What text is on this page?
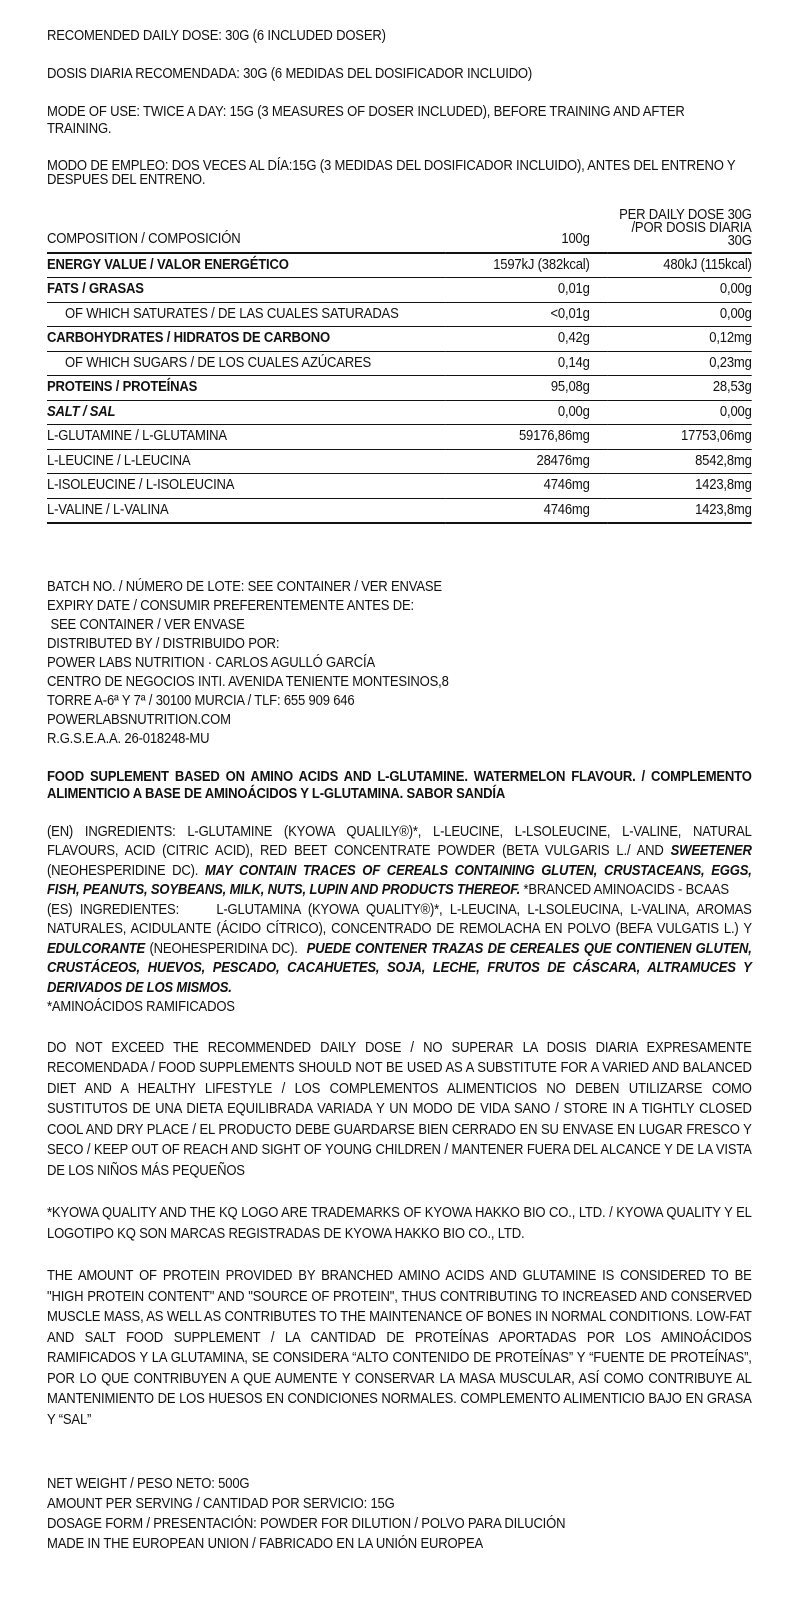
RECOMENDED DAILY DOSE: 30G (6 INCLUDED DOSER)

DOSIS DIARIA RECOMENDADA: 30G (6 MEDIDAS DEL DOSIFICADOR INCLUIDO)

MODE OF USE: TWICE A DAY: 15G (3 MEASURES OF DOSER INCLUDED), BEFORE TRAINING AND AFTER TRAINING.

MODO DE EMPLEO: DOS VECES AL DÍA:15G (3 MEDIDAS DEL DOSIFICADOR INCLUIDO), ANTES DEL ENTRENO Y DESPUES DEL ENTRENO.

COMPOSITION / COMPOSICIÓN	100g	PER DAILY DOSE 30G
/POR DOSIS DIARIA 30G

ENERGY VALUE / VALOR ENERGÉTICO	1597kJ (382kcal)	480kJ (115kcal)
FATS / GRASAS	0,01g	0,00g
OF WHICH SATURATES / DE LAS CUALES SATURADAS	<0,01g	0,00g
CARBOHYDRATES / HIDRATOS DE CARBONO	0,42g	0,12mg
OF WHICH SUGARS / DE LOS CUALES AZÚCARES	0,14g	0,23mg
PROTEINS / PROTEÍNAS	95,08g	28,53g
SALT / SAL	0,00g	0,00g
L-GLUTAMINE / L-GLUTAMINA	59176,86mg	17753,06mg
L-LEUCINE / L-LEUCINA	28476mg	8542,8mg
L-ISOLEUCINE / L-ISOLEUCINA	4746mg	1423,8mg
L-VALINE / L-VALINA	4746mg	1423,8mg
BATCH NO. / NÚMERO DE LOTE: SEE CONTAINER / VER ENVASE
EXPIRY DATE / CONSUMIR PREFERENTEMENTE ANTES DE:
SEE CONTAINER / VER ENVASE
DISTRIBUTED BY / DISTRIBUIDO POR:
POWER LABS NUTRITION · CARLOS AGULLÓ GARCÍA
CENTRO DE NEGOCIOS INTI. AVENIDA TENIENTE MONTESINOS,8
TORRE A-6ª Y 7ª / 30100 MURCIA / TLF: 655 909 646
POWERLABSNUTRITION.COM
R.G.S.E.A.A. 26-018248-MU

FOOD SUPLEMENT BASED ON AMINO ACIDS AND L-GLUTAMINE. WATERMELON FLAVOUR. / COMPLEMENTO ALIMENTICIO A BASE DE AMINOÁCIDOS Y L-GLUTAMINA. SABOR SANDÍA

(EN) INGREDIENTS: L-GLUTAMINE (KYOWA QUALILY®)*, L-LEUCINE, L-LSOLEUCINE, L-VALINE, NATURAL FLAVOURS, ACID (CITRIC ACID), RED BEET CONCENTRATE POWDER (BETA VULGARIS L./ AND SWEETENER (NEOHESPERIDINE DC). MAY CONTAIN TRACES OF CEREALS CONTAINING GLUTEN, CRUSTACEANS, EGGS, FISH, PEANUTS, SOYBEANS, MILK, NUTS, LUPIN AND PRODUCTS THEREOF. *BRANCED AMINOACIDS - BCAAS
(ES) INGREDIENTES:     L-GLUTAMINA (KYOWA QUALITY®)*, L-LEUCINA, L-LSOLEUCINA, L-VALINA, AROMAS NATURALES, ACIDULANTE (ÁCIDO CÍTRICO), CONCENTRADO DE REMOLACHA EN POLVO (BEFA VULGATIS L.) Y EDULCORANTE (NEOHESPERIDINA DC).  PUEDE CONTENER TRAZAS DE CEREALES QUE CONTIENEN GLUTEN, CRUSTÁCEOS, HUEVOS, PESCADO, CACAHUETES, SOJA, LECHE, FRUTOS DE CÁSCARA, ALTRAMUCES Y DERIVADOS DE LOS MISMOS.
*AMINOÁCIDOS RAMIFICADOS

DO NOT EXCEED THE RECOMMENDED DAILY DOSE / NO SUPERAR LA DOSIS DIARIA EXPRESAMENTE RECOMENDADA / FOOD SUPPLEMENTS SHOULD NOT BE USED AS A SUBSTITUTE FOR A VARIED AND BALANCED DIET AND A HEALTHY LIFESTYLE / LOS COMPLEMENTOS ALIMENTICIOS NO DEBEN UTILIZARSE COMO SUSTITUTOS DE UNA DIETA EQUILIBRADA VARIADA Y UN MODO DE VIDA SANO / STORE IN A TIGHTLY CLOSED COOL AND DRY PLACE / EL PRODUCTO DEBE GUARDARSE BIEN CERRADO EN SU ENVASE EN LUGAR FRESCO Y SECO / KEEP OUT OF REACH AND SIGHT OF YOUNG CHILDREN / MANTENER FUERA DEL ALCANCE Y DE LA VISTA DE LOS NIÑOS MÁS PEQUEÑOS

*KYOWA QUALITY AND THE KQ LOGO ARE TRADEMARKS OF KYOWA HAKKO BIO CO., LTD. / KYOWA QUALITY Y EL LOGOTIPO KQ SON MARCAS REGISTRADAS DE KYOWA HAKKO BIO CO., LTD.

THE AMOUNT OF PROTEIN PROVIDED BY BRANCHED AMINO ACIDS AND GLUTAMINE IS CONSIDERED TO BE "HIGH PROTEIN CONTENT" AND "SOURCE OF PROTEIN", THUS CONTRIBUTING TO INCREASED AND CONSERVED MUSCLE MASS, AS WELL AS CONTRIBUTES TO THE MAINTENANCE OF BONES IN NORMAL CONDITIONS. LOW-FAT AND SALT FOOD SUPPLEMENT / LA CANTIDAD DE PROTEÍNAS APORTADAS POR LOS AMINOÁCIDOS RAMIFICADOS Y LA GLUTAMINA, SE CONSIDERA “ALTO CONTENIDO DE PROTEÍNAS” Y “FUENTE DE PROTEÍNAS”, POR LO QUE CONTRIBUYEN A QUE AUMENTE Y CONSERVAR LA MASA MUSCULAR, ASÍ COMO CONTRIBUYE AL MANTENIMIENTO DE LOS HUESOS EN CONDICIONES NORMALES. COMPLEMENTO ALIMENTICIO BAJO EN GRASA Y “SAL”

NET WEIGHT / PESO NETO: 500G
AMOUNT PER SERVING / CANTIDAD POR SERVICIO: 15G
DOSAGE FORM / PRESENTACIÓN: POWDER FOR DILUTION / POLVO PARA DILUCIÓN
MADE IN THE EUROPEAN UNION / FABRICADO EN LA UNIÓN EUROPEA
